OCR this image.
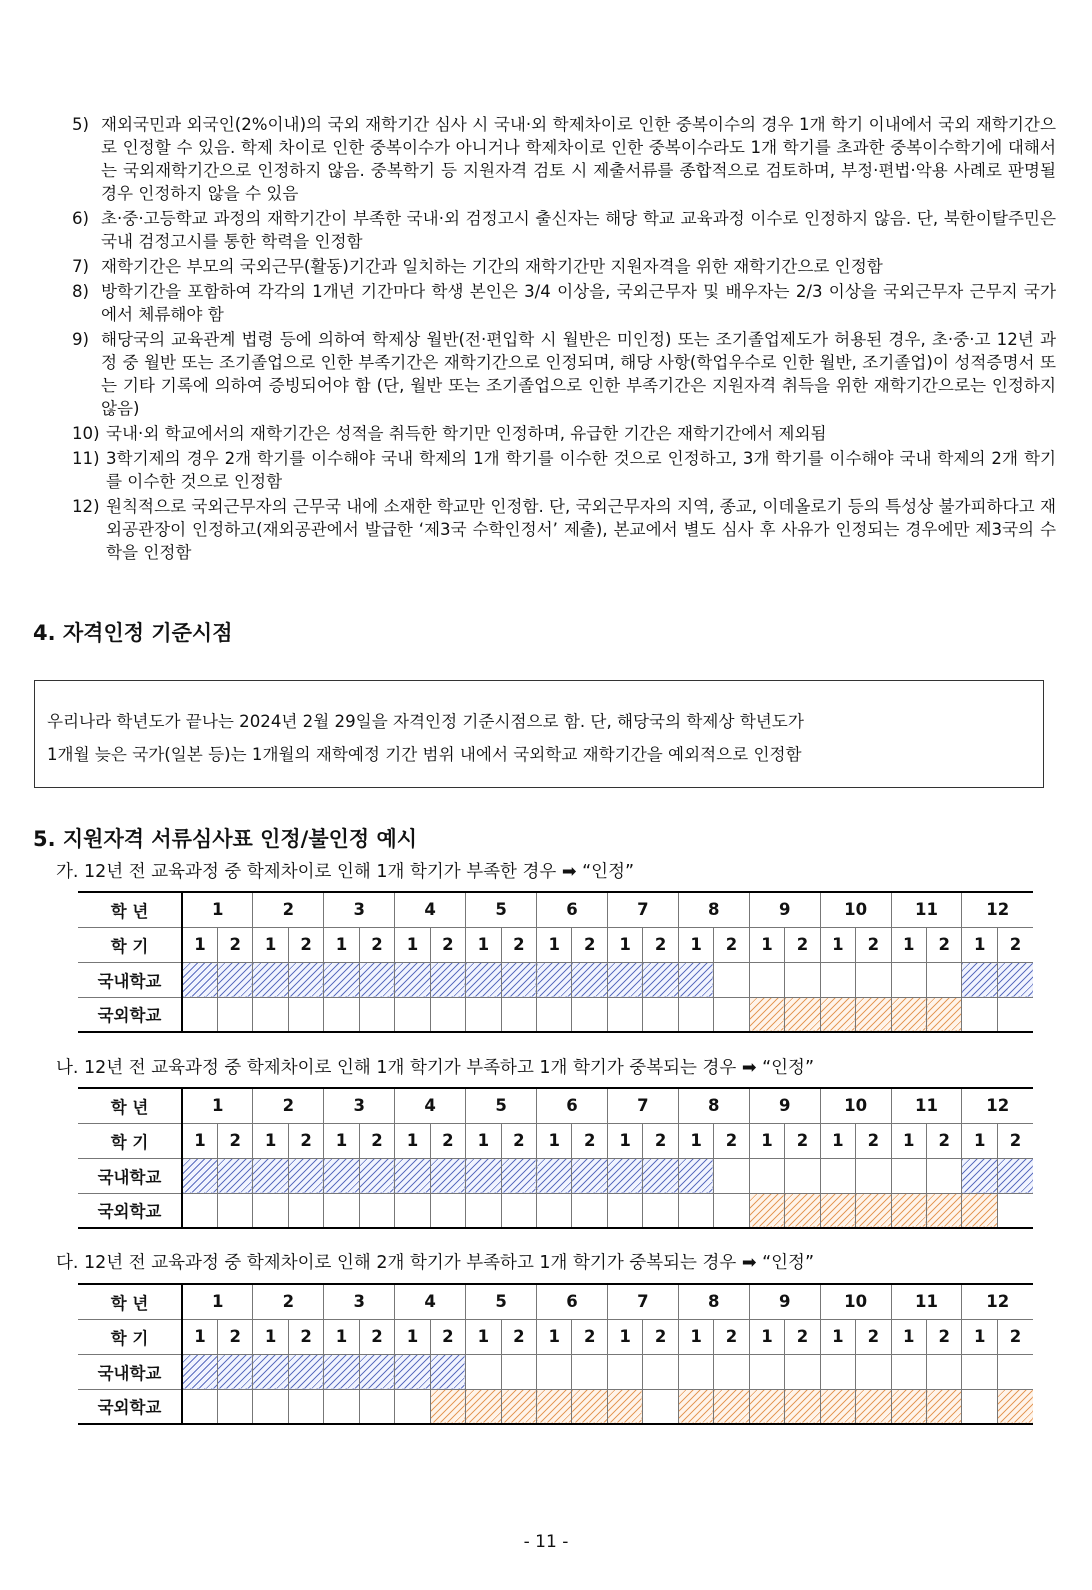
5) 재외국민과 외국인(2%이내)의 국외 재학기간 심사 시 국내·외 학제차이로 인한 중복이수의 경우 1개 학기 이내에서 국외 재학기간으로 인정할 수 있음. 학제 차이로 인한 중복이수가 아니거나 학제차이로 인한 중복이수라도 1개 학기를 초과한 중복이수학기에 대해서는 국외재학기간으로 인정하지 않음. 중복학기 등 지원자격 검토 시 제출서류를 종합적으로 검토하며, 부정·편법·악용 사례로 판명될 경우 인정하지 않을 수 있음
6) 초·중·고등학교 과정의 재학기간이 부족한 국내·외 검정고시 출신자는 해당 학교 교육과정 이수로 인정하지 않음. 단, 북한이탈주민은 국내 검정고시를 통한 학력을 인정함
7) 재학기간은 부모의 국외근무(활동)기간과 일치하는 기간의 재학기간만 지원자격을 위한 재학기간으로 인정함
8) 방학기간을 포함하여 각각의 1개년 기간마다 학생 본인은 3/4 이상을, 국외근무자 및 배우자는 2/3 이상을 국외근무자 근무지 국가에서 체류해야 함
9) 해당국의 교육관계 법령 등에 의하여 학제상 월반(전·편입학 시 월반은 미인정) 또는 조기졸업제도가 허용된 경우, 초·중·고 12년 과정 중 월반 또는 조기졸업으로 인한 부족기간은 재학기간으로 인정되며, 해당 사항(학업우수로 인한 월반, 조기졸업)이 성적증명서 또는 기타 기록에 의하여 증빙되어야 함 (단, 월반 또는 조기졸업으로 인한 부족기간은 지원자격 취득을 위한 재학기간으로는 인정하지 않음)
10) 국내·외 학교에서의 재학기간은 성적을 취득한 학기만 인정하며, 유급한 기간은 재학기간에서 제외됨
11) 3학기제의 경우 2개 학기를 이수해야 국내 학제의 1개 학기를 이수한 것으로 인정하고, 3개 학기를 이수해야 국내 학제의 2개 학기를 이수한 것으로 인정함
12) 원칙적으로 국외근무자의 근무국 내에 소재한 학교만 인정함. 단, 국외근무자의 지역, 종교, 이데올로기 등의 특성상 불가피하다고 재외공관장이 인정하고(재외공관에서 발급한 ‘제3국 수학인정서’ 제출), 본교에서 별도 심사 후 사유가 인정되는 경우에만 제3국의 수학을 인정함
4. 자격인정 기준시점
우리나라 학년도가 끝나는 2024년 2월 29일을 자격인정 기준시점으로 함. 단, 해당국의 학제상 학년도가
1개월 늦은 국가(일본 등)는 1개월의 재학예정 기간 범위 내에서 국외학교 재학기간을 예외적으로 인정함
5. 지원자격 서류심사표 인정/불인정 예시
가. 12년 전 교육과정 중 학제차이로 인해 1개 학기가 부족한 경우 ➡ “인정”
학 년	1		2		3		4		5		6		7		8		9		10		11		12	
학 기	1	2	1	2	1	2	1	2	1	2	1	2	1	2	1	2	1	2	1	2	1	2	1	2
국내학교																								
국외학교																								
나. 12년 전 교육과정 중 학제차이로 인해 1개 학기가 부족하고 1개 학기가 중복되는 경우 ➡ “인정”
학 년	1		2		3		4		5		6		7		8		9		10		11		12	
학 기	1	2	1	2	1	2	1	2	1	2	1	2	1	2	1	2	1	2	1	2	1	2	1	2
국내학교																								
국외학교																								
다. 12년 전 교육과정 중 학제차이로 인해 2개 학기가 부족하고 1개 학기가 중복되는 경우 ➡ “인정”
학 년	1		2		3		4		5		6		7		8		9		10		11		12	
학 기	1	2	1	2	1	2	1	2	1	2	1	2	1	2	1	2	1	2	1	2	1	2	1	2
국내학교																								
국외학교																								
- 11 -
